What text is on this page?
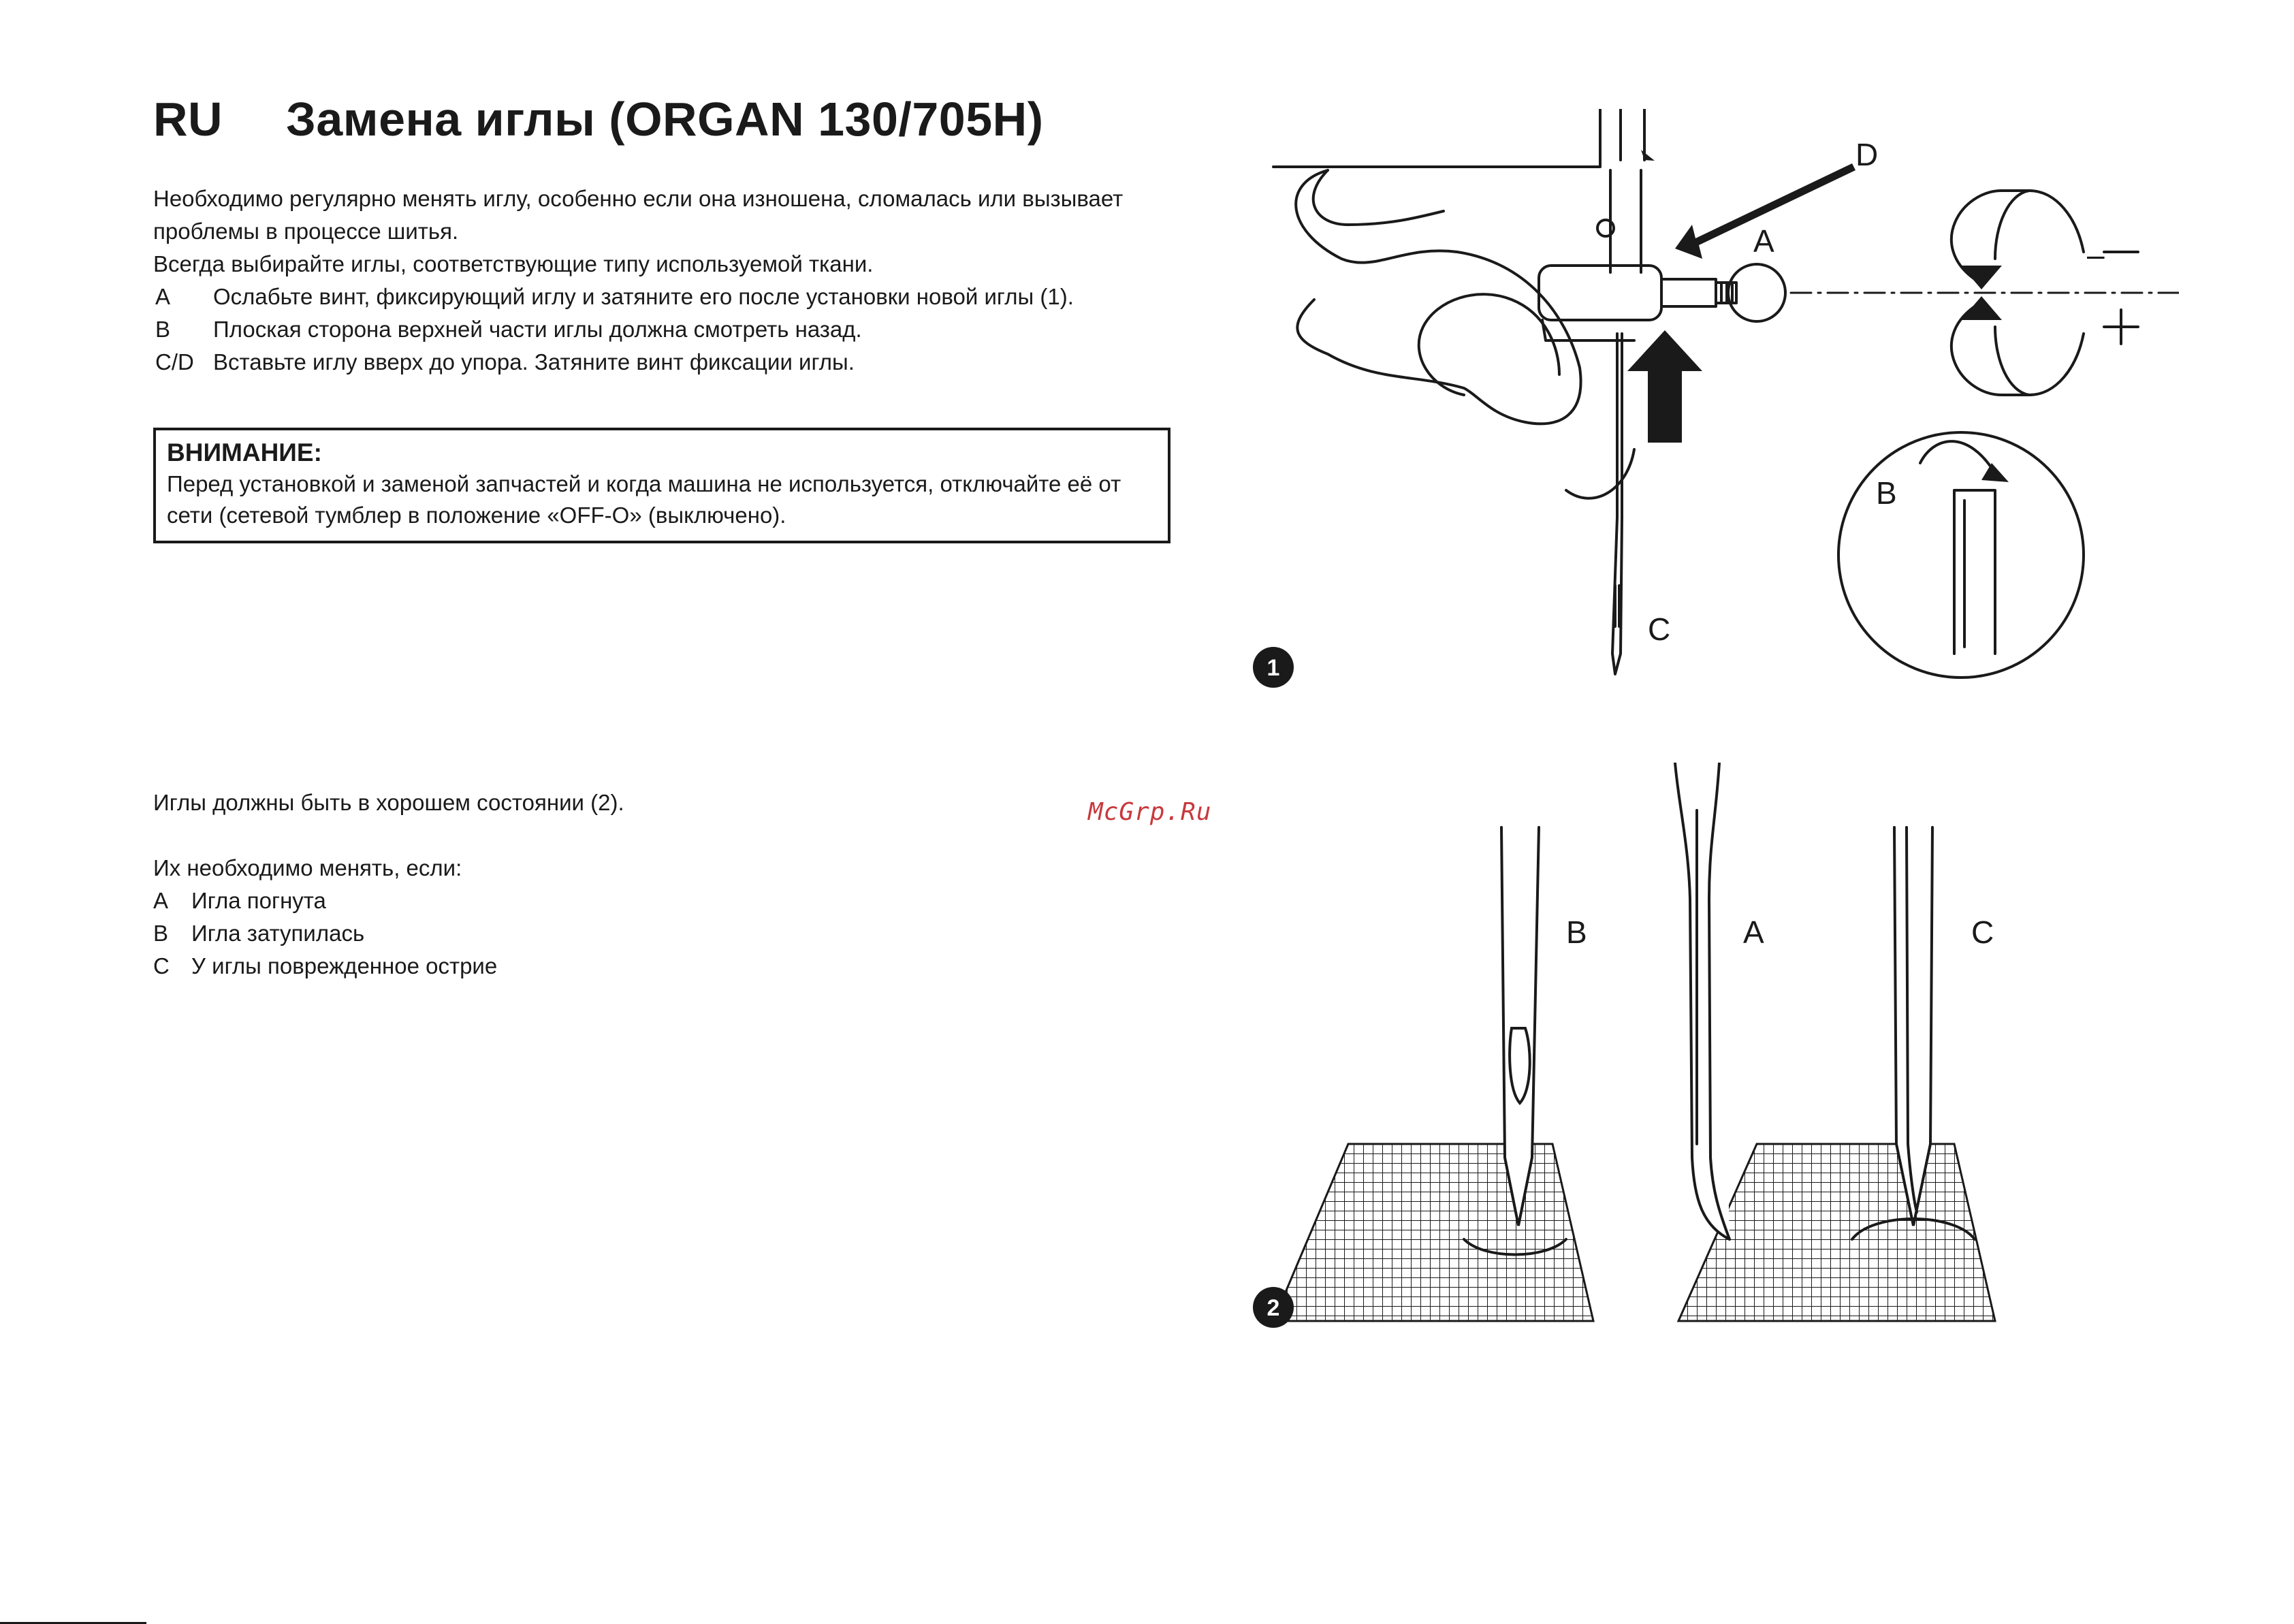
RU Замена иглы (ORGAN 130/705H)

Необходимо регулярно менять иглу, особенно если она изношена, сломалась или вызывает проблемы в процессе шитья.

Всегда выбирайте иглы, соответствующие типу используемой ткани.

A	Ослабьте винт, фиксирующий иглу и затяните его после установки новой иглы (1).
B	Плоская сторона верхней части иглы должна смотреть назад.
C/D Вставьте иглу вверх до упора. Затяните винт фиксации иглы.
ВНИМАНИЕ:
Перед установкой и заменой запчастей и когда машина не используется, отключайте её от сети (сетевой тумблер в положение «OFF-O» (выключено).

Иглы должны быть в хорошем состоянии (2).

Их необходимо менять, если:

A	Игла погнута
B	Игла затупилась
C У иглы поврежденное острие
McGrp.Ru
D
A
B
C
–
1
B	A	C
2
